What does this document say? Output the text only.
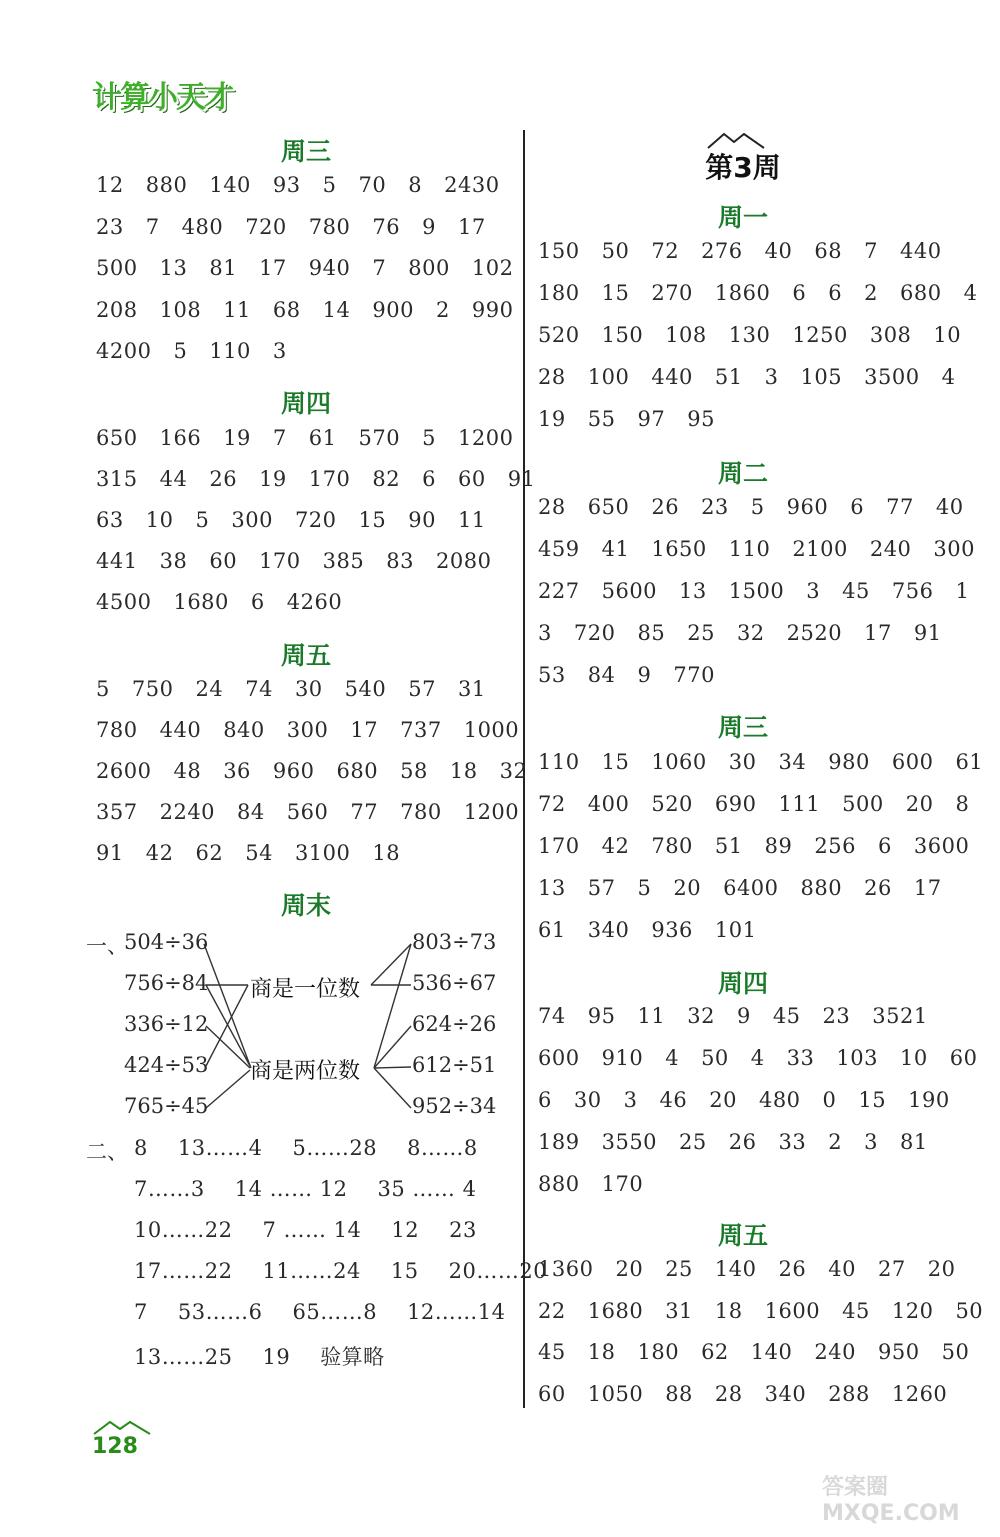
计算小天才
周三
12 880 140 93 5 70 8 2430
23 7 480 720 780 76 9 17
500 13 81 17 940 7 800 102
208 108 11 68 14 900 2 990
4200 5 110 3
周四
650 166 19 7 61 570 5 1200
315 44 26 19 170 82 6 60 91
63 10 5 300 720 15 90 11
441 38 60 170 385 83 2080
4500 1680 6 4260
周五
5 750 24 74 30 540 57 31
780 440 840 300 17 737 1000
2600 48 36 960 680 58 18 32
357 2240 84 560 77 780 1200
91 42 62 54 3100 18
周末
一、
504÷36
756÷84
336÷12
424÷53
765÷45
商是一位数
商是两位数
803÷73
536÷67
624÷26
612÷51
952÷34
二、 8 13……4 5……28 8……8
7……3 14 …… 12 35 …… 4
10……22 7 …… 14 12 23
17……22 11……24 15 20……20
7 53……6 65……8 12……14
13……25 19 验算略
第3周
周一
150 50 72 276 40 68 7 440
180 15 270 1860 6 6 2 680 4
520 150 108 130 1250 308 10
28 100 440 51 3 105 3500 4
19 55 97 95
周二
28 650 26 23 5 960 6 77 40
459 41 1650 110 2100 240 300
227 5600 13 1500 3 45 756 1
3 720 85 25 32 2520 17 91
53 84 9 770
周三
110 15 1060 30 34 980 600 61
72 400 520 690 111 500 20 8
170 42 780 51 89 256 6 3600
13 57 5 20 6400 880 26 17
61 340 936 101
周四
74 95 11 32 9 45 23 3521
600 910 4 50 4 33 103 10 60
6 30 3 46 20 480 0 15 190
189 3550 25 26 33 2 3 81
880 170
周五
1360 20 25 140 26 40 27 20
22 1680 31 18 1600 45 120 50
45 18 180 62 140 240 950 50
60 1050 88 28 340 288 1260
128
答案圈 MXQE.COM
